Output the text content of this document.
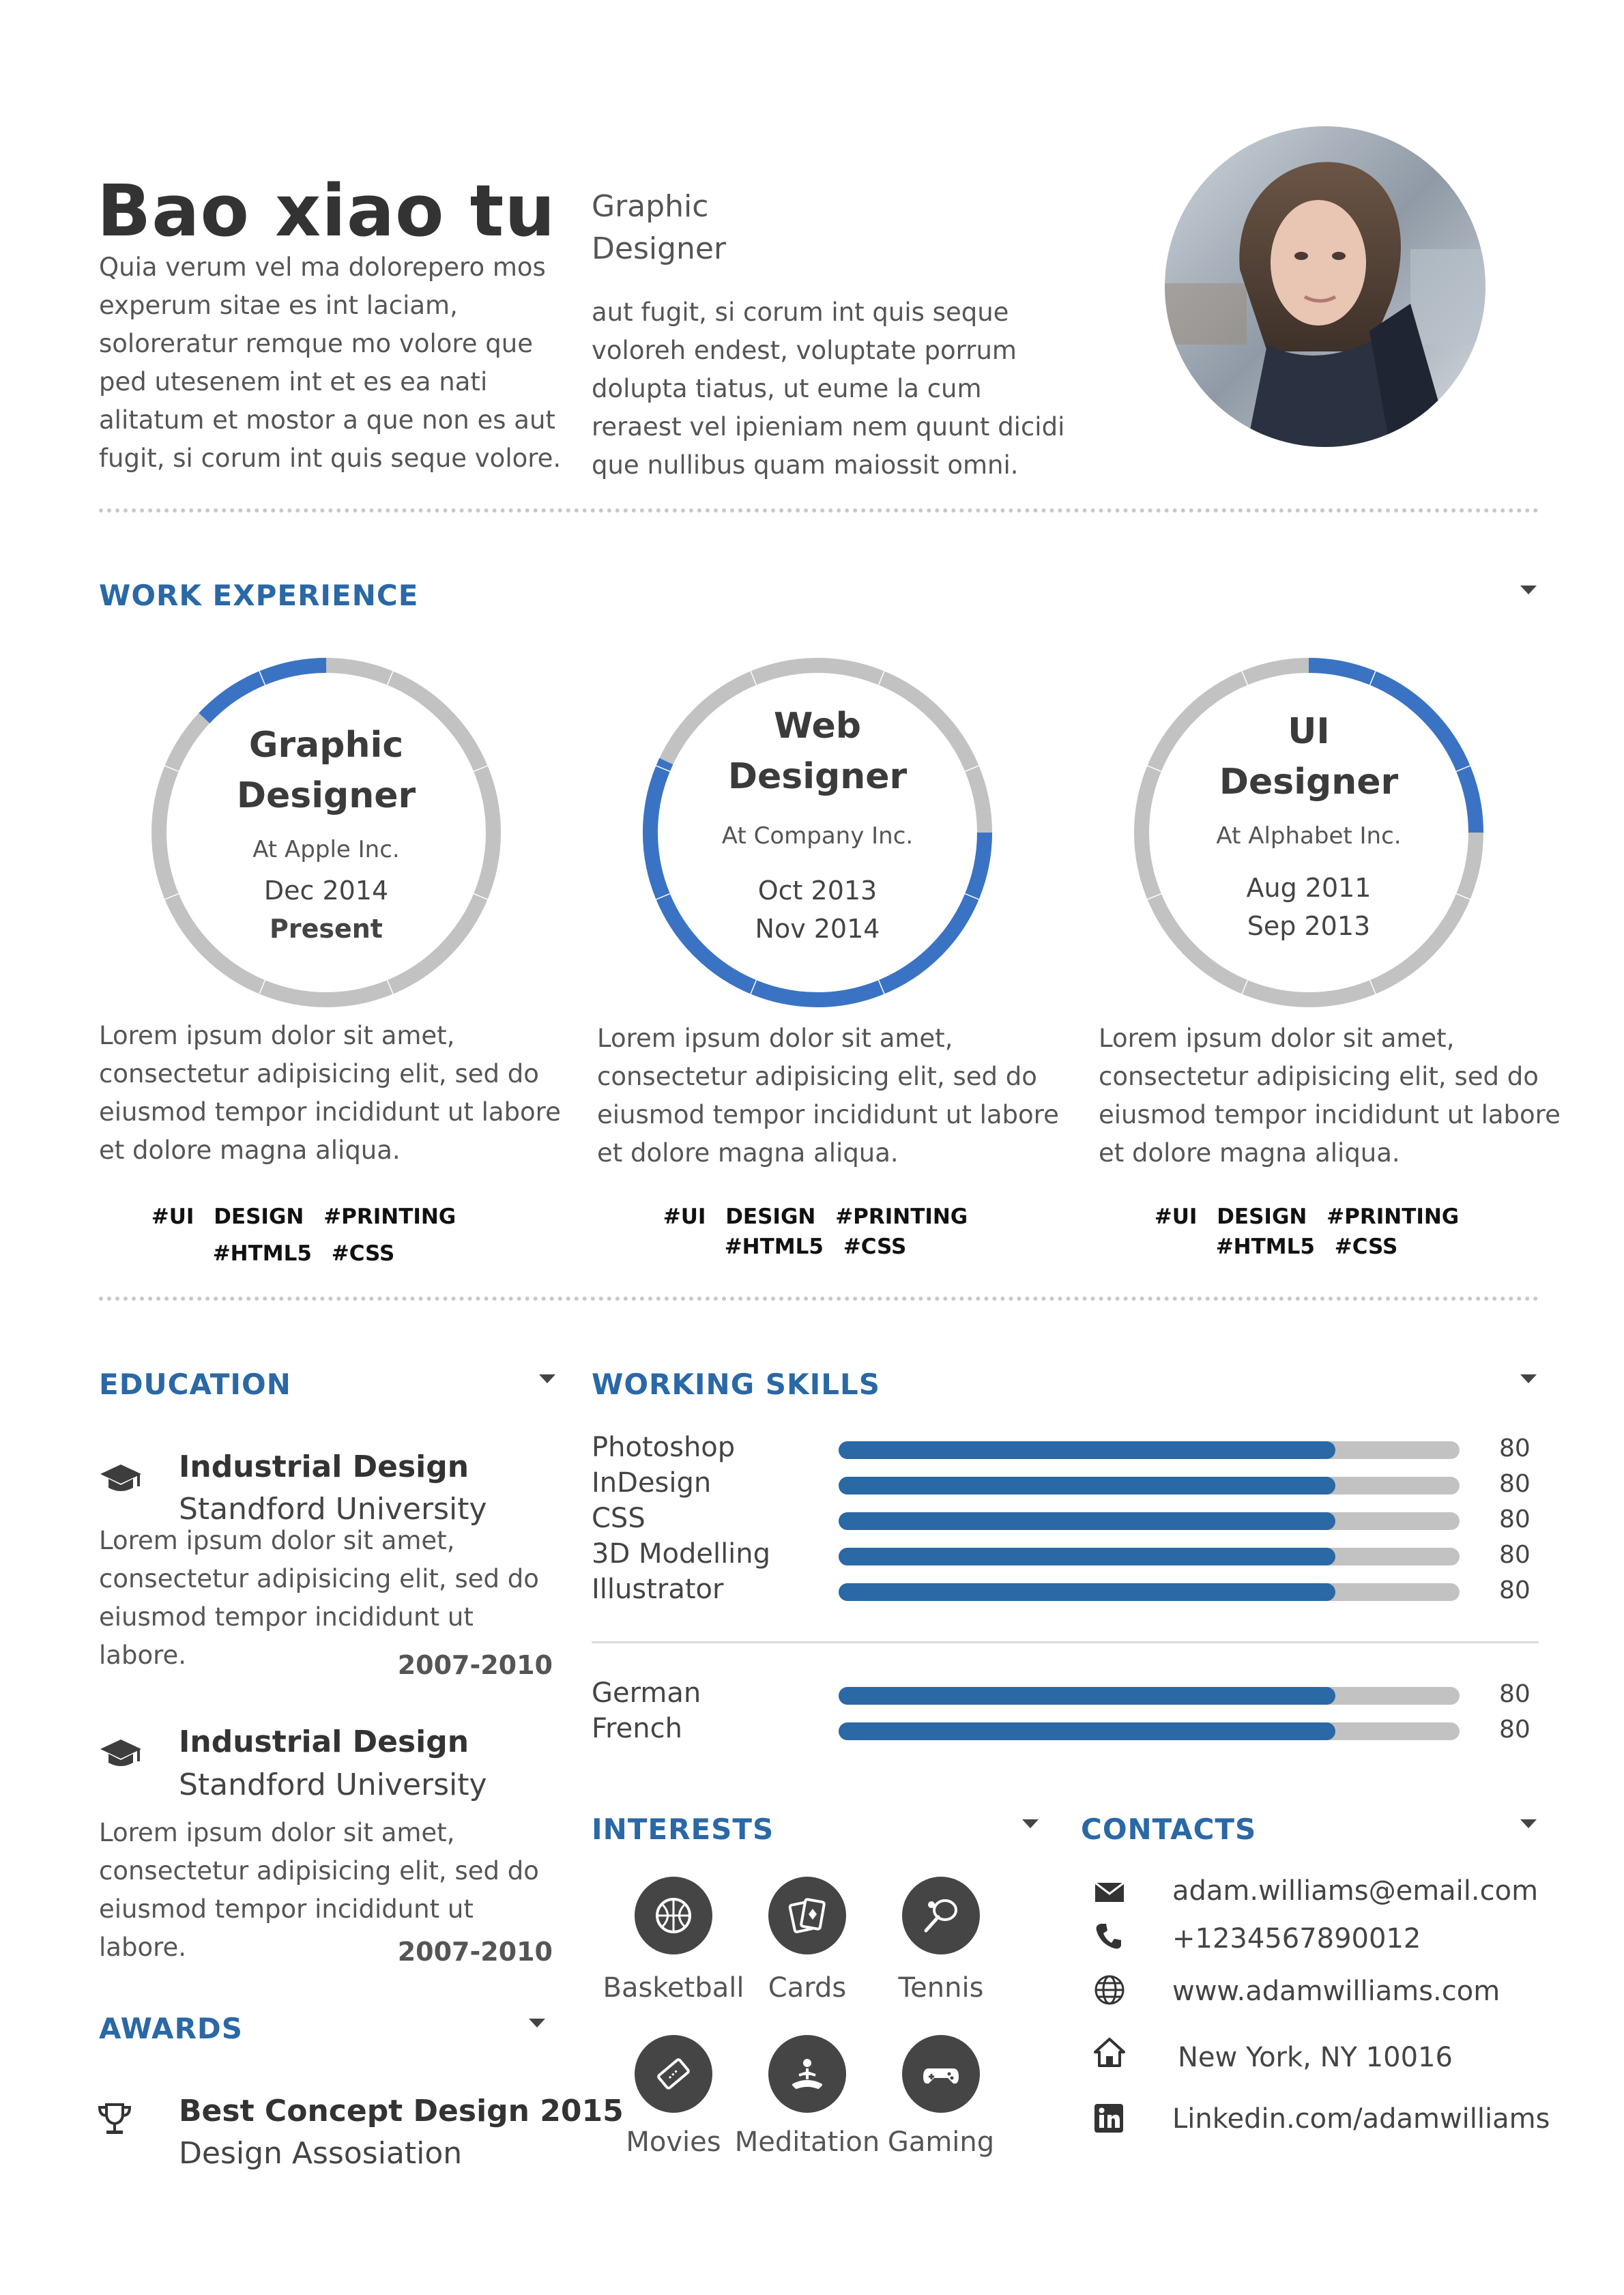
Bao xiao tu
Quia verum vel ma dolorepero mos experum sitae es int laciam, soloreratur remque mo volore que ped utesenem int et es ea nati alitatum et mostor a que non es aut fugit, si corum int quis seque volore.
Graphic
Designer
aut fugit, si corum int quis seque voloreh endest, voluptate porrum dolupta tiatus, ut eume la cum reraest vel ipieniam nem quunt dicidi que nullibus quam maiossit omni.
WORK EXPERIENCE
Graphic
Designer
At Apple Inc.
Dec 2014
Present
Lorem ipsum dolor sit amet, consectetur adipisicing elit, sed do eiusmod tempor incididunt ut labore et dolore magna aliqua.
#UI DESIGN #PRINTING
#HTML5 #CSS
Web
Designer
At Company Inc.
Oct 2013
Nov 2014
Lorem ipsum dolor sit amet, consectetur adipisicing elit, sed do eiusmod tempor incididunt ut labore et dolore magna aliqua.
#UI DESIGN #PRINTING
#HTML5 #CSS
UI
Designer
At Alphabet Inc.
Aug 2011
Sep 2013
Lorem ipsum dolor sit amet, consectetur adipisicing elit, sed do eiusmod tempor incididunt ut labore et dolore magna aliqua.
#UI DESIGN #PRINTING
#HTML5 #CSS
EDUCATION
Industrial Design
Standford University
Lorem ipsum dolor sit amet, consectetur adipisicing elit, sed do eiusmod tempor incididunt ut labore.	2007-2010
Industrial Design
Standford University
Lorem ipsum dolor sit amet, consectetur adipisicing elit, sed do eiusmod tempor incididunt ut labore.	2007-2010
AWARDS
Best Concept Design 2015
Design Assosiation
WORKING SKILLS
Photoshop	80
InDesign	80
CSS	80
3D Modelling	80
Illustrator	80
German	80
French	80
INTERESTS
Basketball Cards	Tennis
Movies Meditation Gaming
CONTACTS
adam.williams@email.com
+1234567890012
www.adamwilliams.com
New York, NY 10016
Linkedin.com/adamwilliams
